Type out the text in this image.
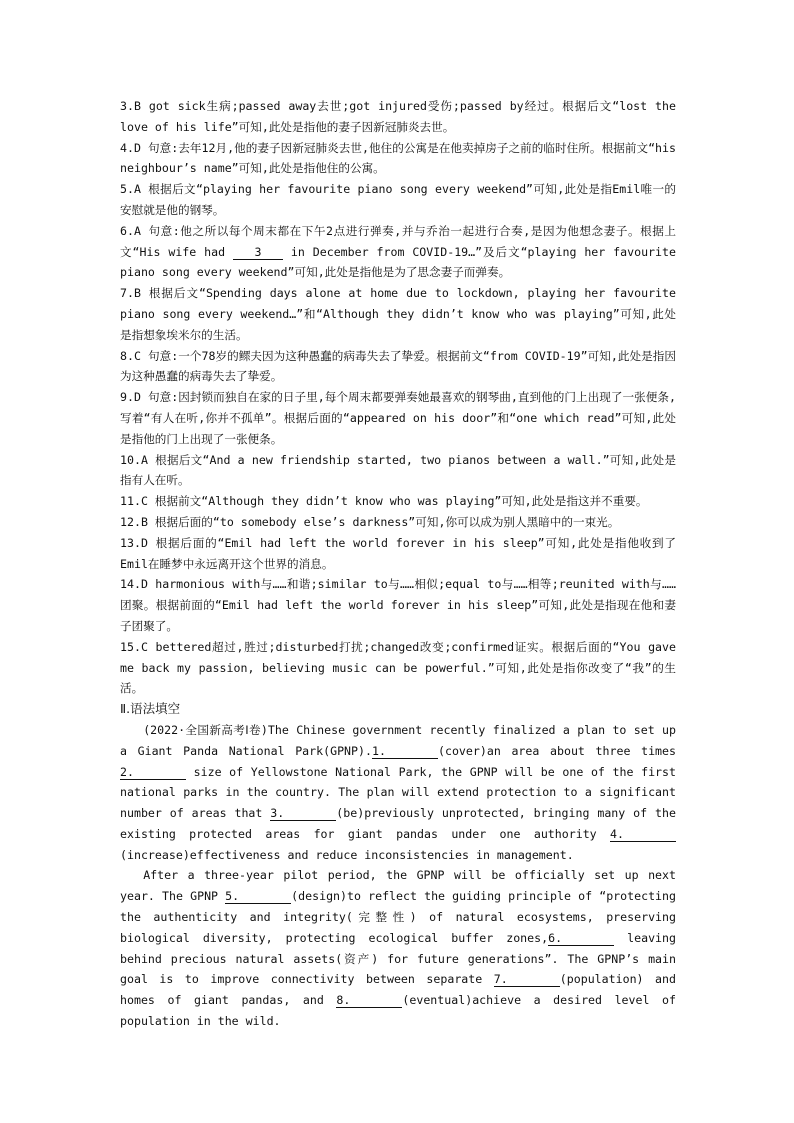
3.B got sick生病;passed away去世;got injured受伤;passed by经过。根据后文“lost the love of his life”可知,此处是指他的妻子因新冠肺炎去世。

4.D 句意:去年12月,他的妻子因新冠肺炎去世,他住的公寓是在他卖掉房子之前的临时住所。根据前文“his neighbour’s name”可知,此处是指他住的公寓。

5.A 根据后文“playing her favourite piano song every weekend”可知,此处是指Emil唯一的安慰就是他的钢琴。

6.A 句意:他之所以每个周末都在下午2点进行弹奏,并与乔治一起进行合奏,是因为他想念妻子。根据上文“His wife had 3 in December from COVID-19…”及后文“playing her favourite piano song every weekend”可知,此处是指他是为了思念妻子而弹奏。

7.B 根据后文“Spending days alone at home due to lockdown, playing her favourite piano song every weekend…”和“Although they didn’t know who was playing”可知,此处是指想象埃米尔的生活。

8.C 句意:一个78岁的鳏夫因为这种愚蠢的病毒失去了挚爱。根据前文“from COVID-19”可知,此处是指因为这种愚蠢的病毒失去了挚爱。

9.D 句意:因封锁而独自在家的日子里,每个周末都要弹奏她最喜欢的钢琴曲,直到他的门上出现了一张便条,写着“有人在听,你并不孤单”。根据后面的“appeared on his door”和“one which read”可知,此处是指他的门上出现了一张便条。

10.A 根据后文“And a new friendship started, two pianos between a wall.”可知,此处是指有人在听。

11.C 根据前文“Although they didn’t know who was playing”可知,此处是指这并不重要。

12.B 根据后面的“to somebody else’s darkness”可知,你可以成为别人黑暗中的一束光。

13.D 根据后面的“Emil had left the world forever in his sleep”可知,此处是指他收到了Emil在睡梦中永远离开这个世界的消息。

14.D harmonious with与……和谐;similar to与……相似;equal to与……相等;reunited with与……团聚。根据前面的“Emil had left the world forever in his sleep”可知,此处是指现在他和妻子团聚了。

15.C bettered超过,胜过;disturbed打扰;changed改变;confirmed证实。根据后面的“You gave me back my passion, believing music can be powerful.”可知,此处是指你改变了“我”的生活。

Ⅱ.语法填空

(2022·全国新高考Ⅰ卷)The Chinese government recently finalized a plan to set up a Giant Panda National Park(GPNP).1.	(cover)an area about three times 2.	size of Yellowstone National Park, the GPNP will be one of the first national parks in the country. The plan will extend protection to a significant number of areas that 3.	(be)previously unprotected, bringing many of the existing protected areas for giant pandas under one authority 4.(increase)effectiveness and reduce inconsistencies in management.

After a three-year pilot period, the GPNP will be officially set up next year. The GPNP 5.	(design)to reflect the guiding principle of “protecting the authenticity and integrity(完整性) of natural ecosystems, preserving biological diversity, protecting ecological buffer zones,6.	leaving behind precious natural assets(资产) for future generations”. The GPNP’s main goal is to improve connectivity between separate 7.	(population) and homes of giant pandas, and 8.	(eventual)achieve a desired level of population in the wild.
